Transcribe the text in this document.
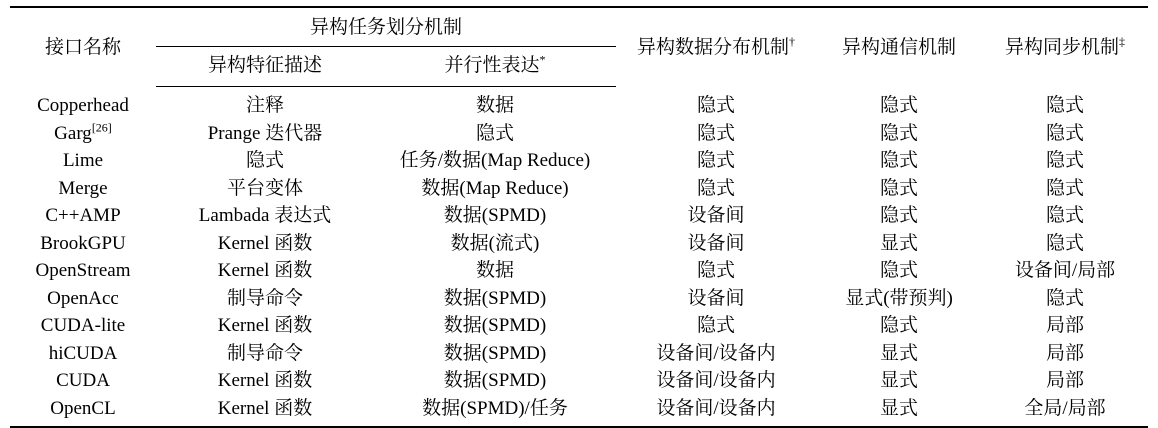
接口名称	异构任务划分机制		异构数据分布机制†	异构通信机制	异构同步机制‡
	异构特征描述	并行性表达*
Copperhead	注释	数据	隐式	隐式	隐式
Garg[26]	Prange 迭代器	隐式	隐式	隐式	隐式
Lime	隐式	任务/数据(Map Reduce)	隐式	隐式	隐式
Merge	平台变体	数据(Map Reduce)	隐式	隐式	隐式
C++AMP	Lambada 表达式	数据(SPMD)	设备间	隐式	隐式
BrookGPU	Kernel 函数	数据(流式)	设备间	显式	隐式
OpenStream	Kernel 函数	数据	隐式	隐式	设备间/局部
OpenAcc	制导命令	数据(SPMD)	设备间	显式(带预判)	隐式
CUDA-lite	Kernel 函数	数据(SPMD)	隐式	隐式	局部
hiCUDA	制导命令	数据(SPMD)	设备间/设备内	显式	局部
CUDA	Kernel 函数	数据(SPMD)	设备间/设备内	显式	局部
OpenCL	Kernel 函数	数据(SPMD)/任务	设备间/设备内	显式	全局/局部
